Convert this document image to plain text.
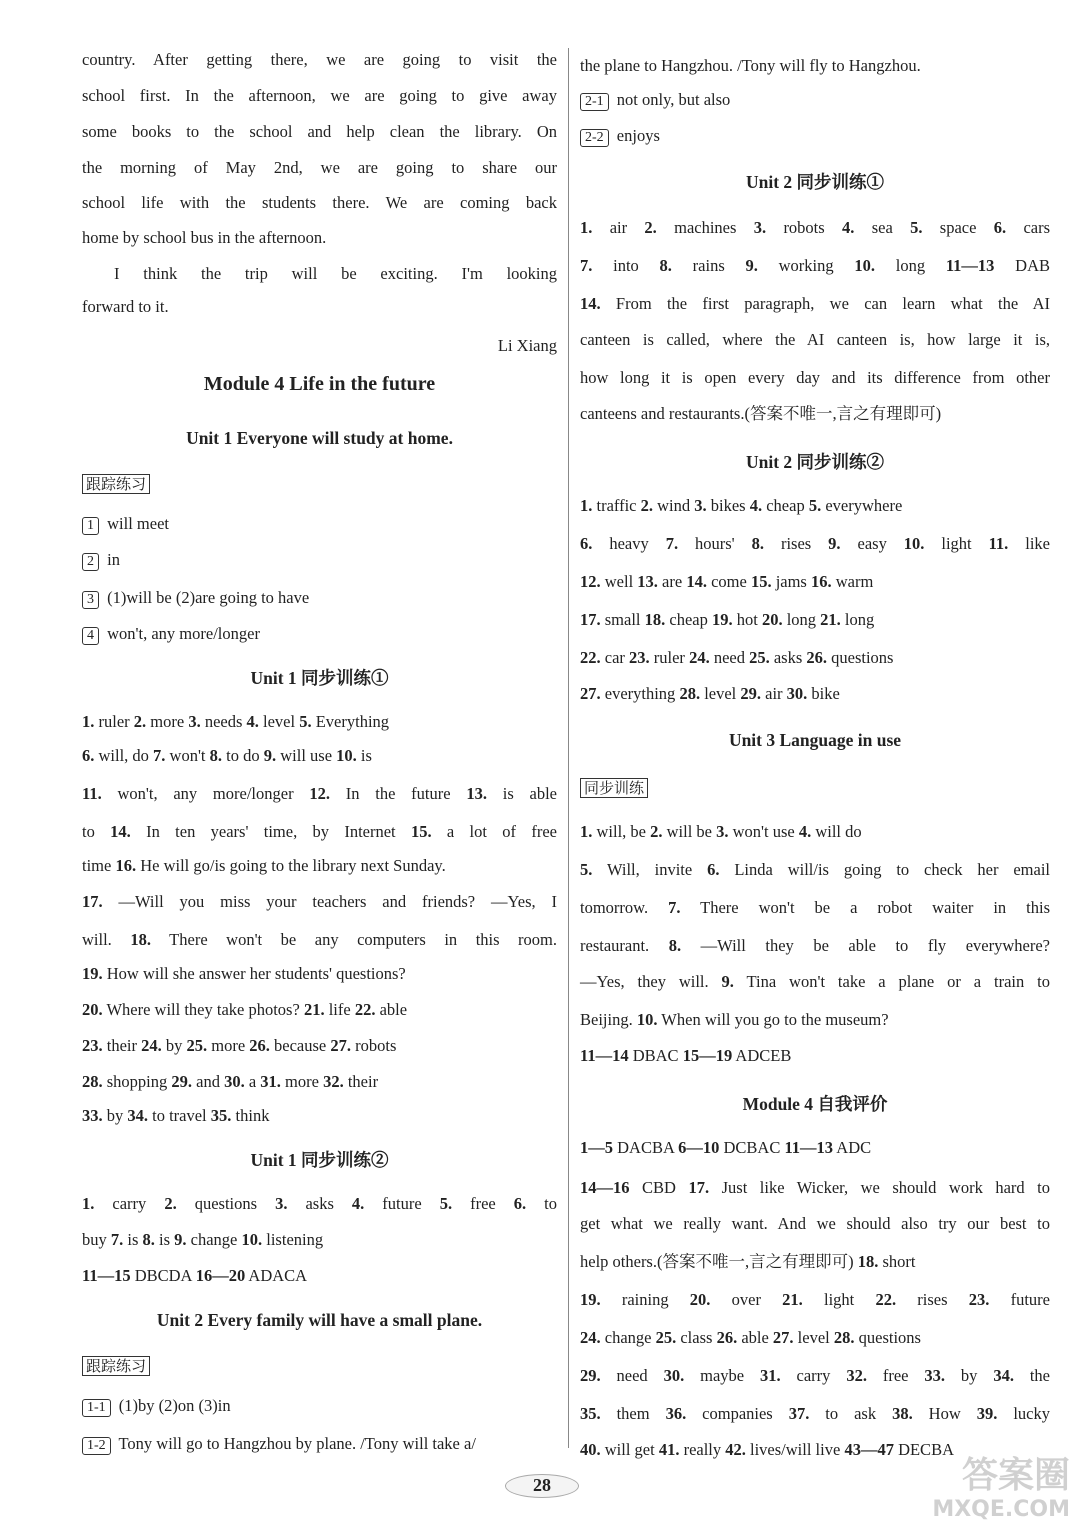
country. After getting there, we are going to visit the
school first. In the afternoon, we are going to give away
some books to the school and help clean the library. On
the morning of May 2nd, we are going to share our
school life with the students there. We are coming back
home by school bus in the afternoon.
I think the trip will be exciting. I'm looking
forward to it.
Li Xiang
Module 4 Life in the future
Unit 1 Everyone will study at home.
跟踪练习
1 will meet
2 in
3 (1)will be (2)are going to have
4 won't, any more/longer
Unit 1 同步训练①
1. ruler 2. more 3. needs 4. level 5. Everything
6. will, do 7. won't 8. to do 9. will use 10. is
11. won't, any more/longer 12. In the future 13. is able
to 14. In ten years' time, by Internet 15. a lot of free
time 16. He will go/is going to the library next Sunday.
17. —Will you miss your teachers and friends? —Yes, I
will. 18. There won't be any computers in this room.
19. How will she answer her students' questions?
20. Where will they take photos? 21. life 22. able
23. their 24. by 25. more 26. because 27. robots
28. shopping 29. and 30. a 31. more 32. their
33. by 34. to travel 35. think
Unit 1 同步训练②
1. carry 2. questions 3. asks 4. future 5. free 6. to
buy 7. is 8. is 9. change 10. listening
11—15 DBCDA 16—20 ADACA
Unit 2 Every family will have a small plane.
跟踪练习
1-1 (1)by (2)on (3)in
1-2 Tony will go to Hangzhou by plane. /Tony will take a/
the plane to Hangzhou. /Tony will fly to Hangzhou.
2-1 not only, but also
2-2 enjoys
Unit 2 同步训练①
1. air 2. machines 3. robots 4. sea 5. space 6. cars
7. into 8. rains 9. working 10. long 11—13 DAB
14. From the first paragraph, we can learn what the AI
canteen is called, where the AI canteen is, how large it is,
how long it is open every day and its difference from other
canteens and restaurants.(答案不唯一,言之有理即可)
Unit 2 同步训练②
1. traffic 2. wind 3. bikes 4. cheap 5. everywhere
6. heavy 7. hours' 8. rises 9. easy 10. light 11. like
12. well 13. are 14. come 15. jams 16. warm
17. small 18. cheap 19. hot 20. long 21. long
22. car 23. ruler 24. need 25. asks 26. questions
27. everything 28. level 29. air 30. bike
Unit 3 Language in use
同步训练
1. will, be 2. will be 3. won't use 4. will do
5. Will, invite 6. Linda will/is going to check her email
tomorrow. 7. There won't be a robot waiter in this
restaurant. 8. —Will they be able to fly everywhere?
—Yes, they will. 9. Tina won't take a plane or a train to
Beijing. 10. When will you go to the museum?
11—14 DBAC 15—19 ADCEB
Module 4 自我评价
1—5 DACBA 6—10 DCBAC 11—13 ADC
14—16 CBD 17. Just like Wicker, we should work hard to
get what we really want. And we should also try our best to
help others.(答案不唯一,言之有理即可) 18. short
19. raining 20. over 21. light 22. rises 23. future
24. change 25. class 26. able 27. level 28. questions
29. need 30. maybe 31. carry 32. free 33. by 34. the
35. them 36. companies 37. to ask 38. How 39. lucky
40. will get 41. really 42. lives/will live 43—47 DECBA
28	答案圈
MXQE.COM
